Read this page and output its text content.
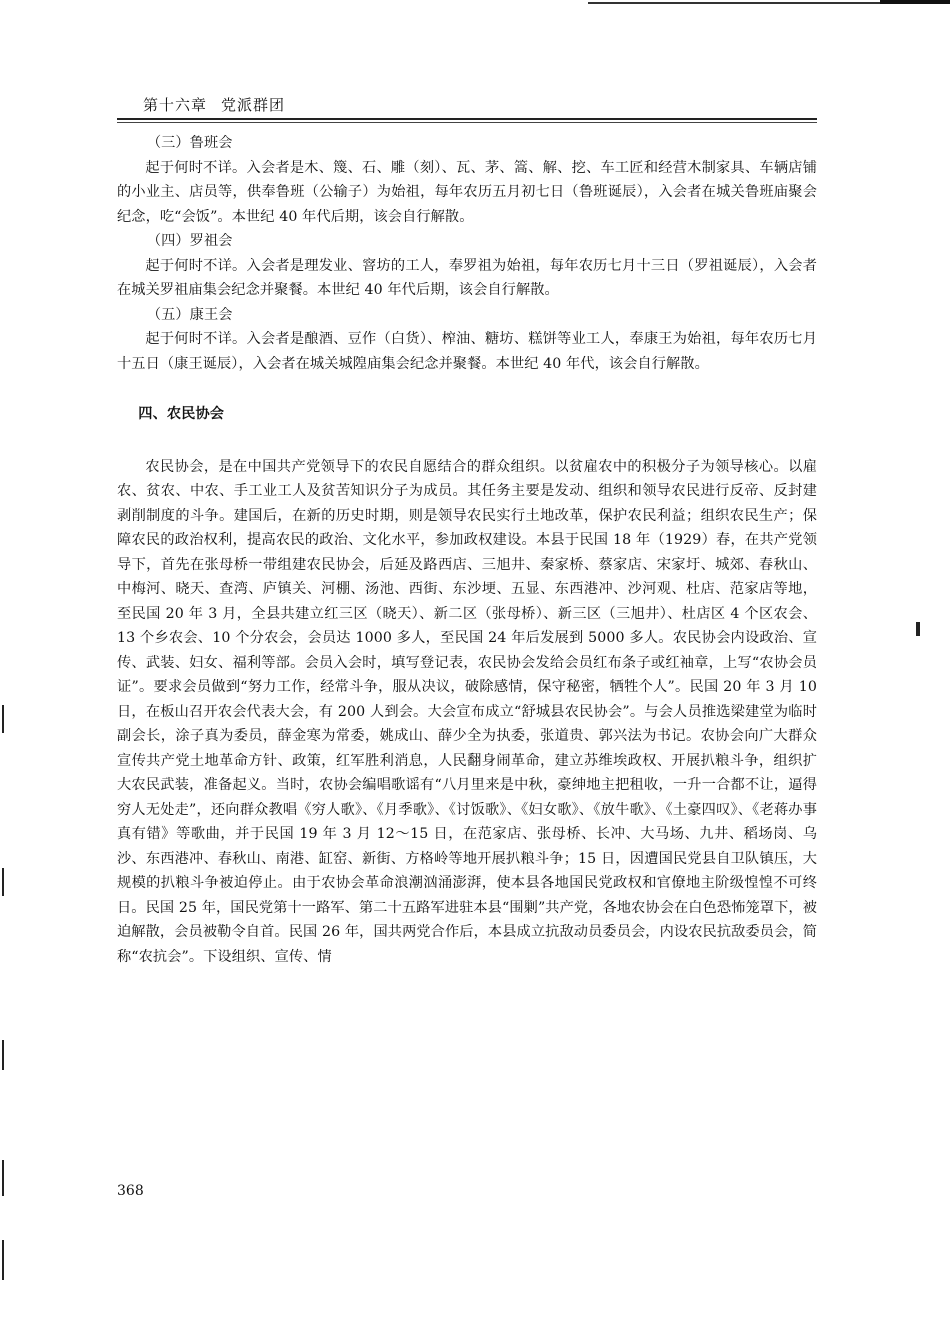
第十六章 党派群团

（三）鲁班会

起于何时不详。入会者是木、篾、石、雕（刻）、瓦、茅、篙、解、挖、车工匠和经营木制家具、车辆店铺的小业主、店员等，供奉鲁班（公输子）为始祖，每年农历五月初七日（鲁班诞辰），入会者在城关鲁班庙聚会纪念，吃“会饭”。本世纪 40 年代后期，该会自行解散。

（四）罗祖会

起于何时不详。入会者是理发业、窨坊的工人，奉罗祖为始祖，每年农历七月十三日（罗祖诞辰），入会者在城关罗祖庙集会纪念并聚餐。本世纪 40 年代后期，该会自行解散。

（五）康王会

起于何时不详。入会者是酿酒、豆作（白货）、榨油、糖坊、糕饼等业工人，奉康王为始祖，每年农历七月十五日（康王诞辰），入会者在城关城隍庙集会纪念并聚餐。本世纪 40 年代，该会自行解散。

四、农民协会

农民协会，是在中国共产党领导下的农民自愿结合的群众组织。以贫雇农中的积极分子为领导核心。以雇农、贫农、中农、手工业工人及贫苦知识分子为成员。其任务主要是发动、组织和领导农民进行反帝、反封建剥削制度的斗争。建国后，在新的历史时期，则是领导农民实行土地改革，保护农民利益；组织农民生产；保障农民的政治权利，提高农民的政治、文化水平，参加政权建设。本县于民国 18 年（1929）春，在共产党领导下，首先在张母桥一带组建农民协会，后延及路西店、三旭井、秦家桥、蔡家店、宋家圩、城郊、春秋山、中梅河、晓天、查湾、庐镇关、河棚、汤池、西街、东沙埂、五显、东西港冲、沙河观、杜店、范家店等地，至民国 20 年 3 月，全县共建立红三区（晓天）、新二区（张母桥）、新三区（三旭井）、杜店区 4 个区农会、13 个乡农会、10 个分农会，会员达 1000 多人，至民国 24 年后发展到 5000 多人。农民协会内设政治、宣传、武装、妇女、福利等部。会员入会时，填写登记表，农民协会发给会员红布条子或红袖章，上写“农协会员证”。要求会员做到“努力工作，经常斗争，服从决议，破除感情，保守秘密，牺牲个人”。民国 20 年 3 月 10 日，在板山召开农会代表大会，有 200 人到会。大会宣布成立“舒城县农民协会”。与会人员推选梁建堂为临时副会长，涂子真为委员，薛金寒为常委，姚成山、薛少全为执委，张道贵、郭兴法为书记。农协会向广大群众宣传共产党土地革命方针、政策，红军胜利消息，人民翻身闹革命，建立苏维埃政权、开展扒粮斗争，组织扩大农民武装，准备起义。当时，农协会编唱歌谣有“八月里来是中秋，豪绅地主把租收，一升一合都不让，逼得穷人无处走”，还向群众教唱《穷人歌》、《月季歌》、《讨饭歌》、《妇女歌》、《放牛歌》、《土豪四叹》、《老蒋办事真有错》等歌曲，并于民国 19 年 3 月 12～15 日，在范家店、张母桥、长冲、大马场、九井、稻场岗、乌沙、东西港冲、春秋山、南港、缸窑、新街、方格岭等地开展扒粮斗争；15 日，因遭国民党县自卫队镇压，大规模的扒粮斗争被迫停止。由于农协会革命浪潮汹涌澎湃，使本县各地国民党政权和官僚地主阶级惶惶不可终日。民国 25 年，国民党第十一路军、第二十五路军进驻本县“围剿”共产党，各地农协会在白色恐怖笼罩下，被迫解散，会员被勒令自首。民国 26 年，国共两党合作后，本县成立抗敌动员委员会，内设农民抗敌委员会，简称“农抗会”。下设组织、宣传、情

368
